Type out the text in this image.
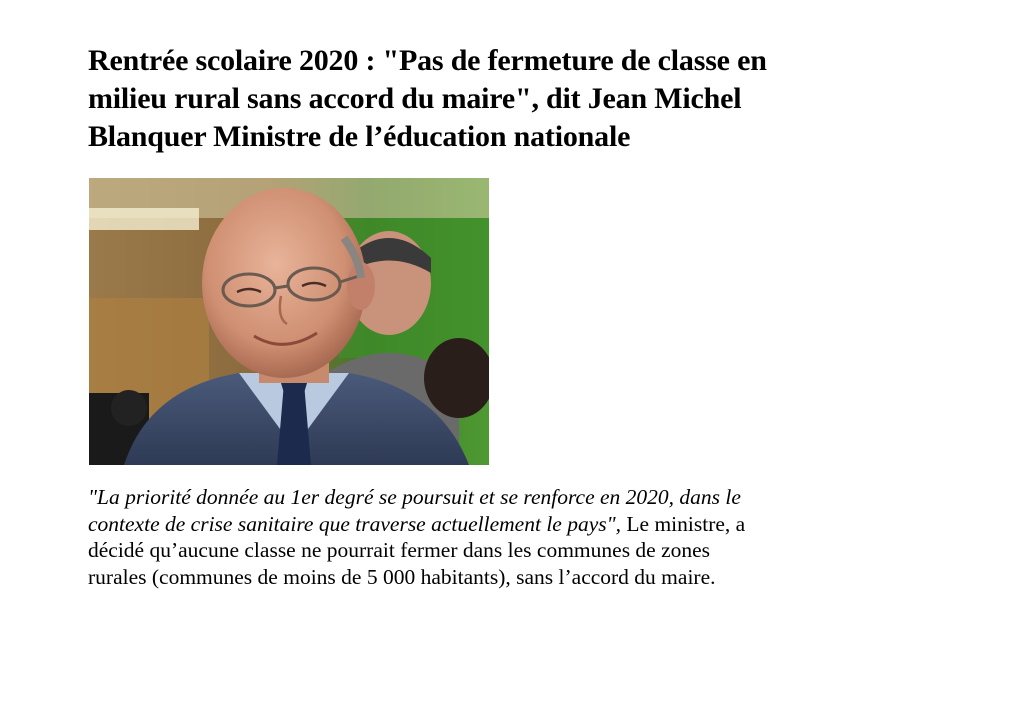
Rentrée scolaire 2020 : "Pas de fermeture de classe en
milieu rural sans accord du maire", dit Jean Michel
Blanquer Ministre de l’éducation nationale

"La priorité donnée au 1er degré se poursuit et se renforce en 2020, dans le
contexte de crise sanitaire que traverse actuellement le pays", Le ministre, a
décidé qu’aucune classe ne pourrait fermer dans les communes de zones
rurales (communes de moins de 5 000 habitants), sans l’accord du maire.
